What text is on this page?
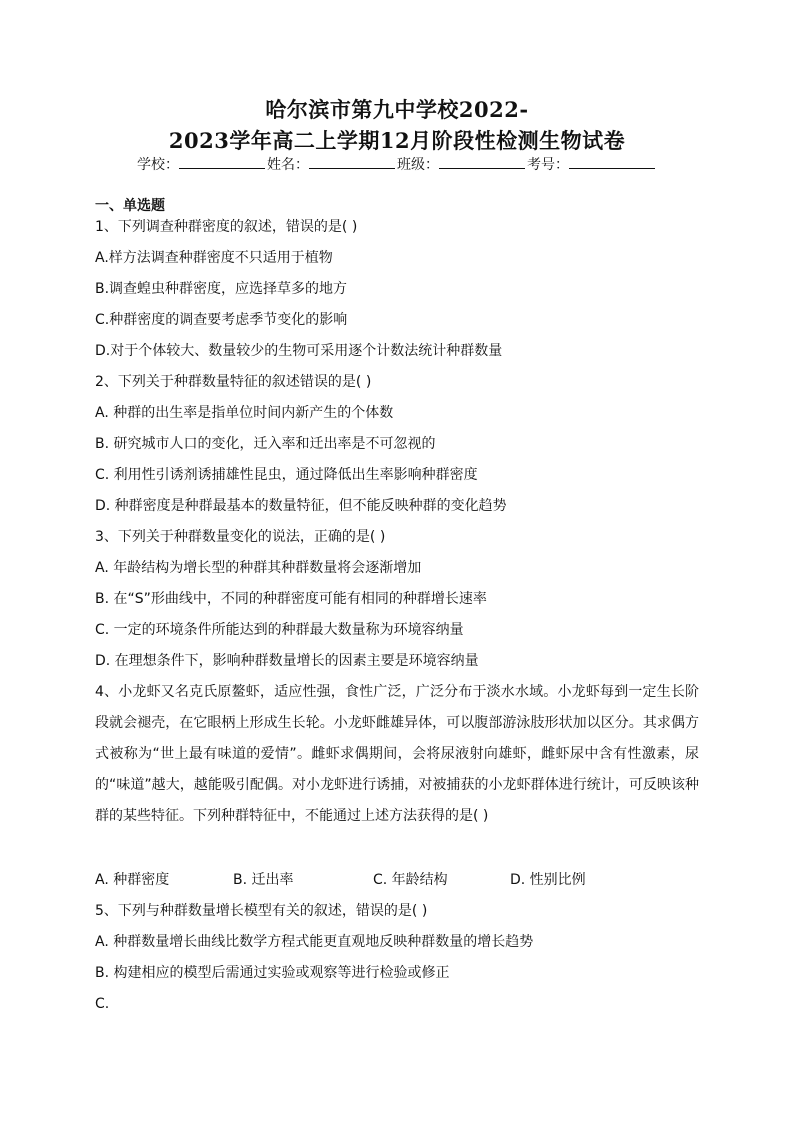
哈尔滨市第九中学校2022-
2023学年高二上学期12月阶段性检测生物试卷
学校：	姓名：	班级：	考号：
一、单选题
1、下列调查种群密度的叙述，错误的是( )
A.样方法调查种群密度不只适用于植物
B.调查蝗虫种群密度，应选择草多的地方
C.种群密度的调查要考虑季节变化的影响
D.对于个体较大、数量较少的生物可采用逐个计数法统计种群数量
2、下列关于种群数量特征的叙述错误的是( )
A. 种群的出生率是指单位时间内新产生的个体数
B. 研究城市人口的变化，迁入率和迁出率是不可忽视的
C. 利用性引诱剂诱捕雄性昆虫，通过降低出生率影响种群密度
D. 种群密度是种群最基本的数量特征，但不能反映种群的变化趋势
3、下列关于种群数量变化的说法，正确的是( )
A. 年龄结构为增长型的种群其种群数量将会逐渐增加
B. 在“S”形曲线中，不同的种群密度可能有相同的种群增长速率
C. 一定的环境条件所能达到的种群最大数量称为环境容纳量
D. 在理想条件下，影响种群数量增长的因素主要是环境容纳量
4、小龙虾又名克氏原鳌虾，适应性强，食性广泛，广泛分布于淡水水域。小龙虾每到一定生长阶段就会褪壳，在它眼柄上形成生长轮。小龙虾雌雄异体，可以腹部游泳肢形状加以区分。其求偶方式被称为“世上最有味道的爱情”。雌虾求偶期间，会将尿液射向雄虾，雌虾尿中含有性激素，尿的“味道”越大，越能吸引配偶。对小龙虾进行诱捕，对被捕获的小龙虾群体进行统计，可反映该种群的某些特征。下列种群特征中，不能通过上述方法获得的是( )
A. 种群密度	B. 迁出率	C. 年龄结构	D. 性别比例
5、下列与种群数量增长模型有关的叙述，错误的是( )
A. 种群数量增长曲线比数学方程式能更直观地反映种群数量的增长趋势
B. 构建相应的模型后需通过实验或观察等进行检验或修正
C.
